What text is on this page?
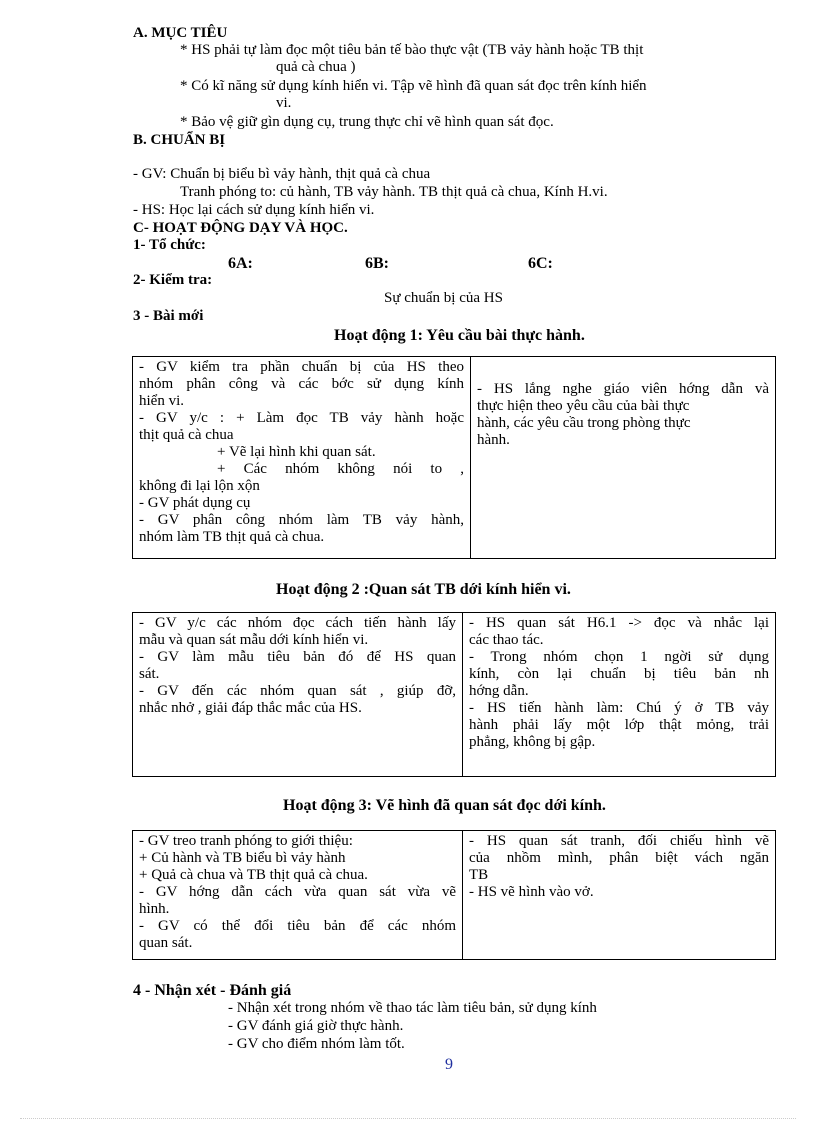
A. MỤC TIÊU
* HS phải tự làm đọc một tiêu bản tế bào thực vật (TB vảy hành hoặc TB thịt
quả cà chua )
* Có kĩ năng sử dụng kính hiển vi. Tập vẽ hình đã quan sát đọc trên kính hiển
vi.
* Bảo vệ giữ gìn dụng cụ, trung thực chỉ vẽ hình quan sát đọc.
B. CHUẨN BỊ
- GV: Chuẩn bị biểu bì vảy hành, thịt quả cà chua
Tranh phóng to: củ hành, TB vảy hành. TB thịt quả cà chua, Kính H.vi.
- HS: Học lại cách sử dụng kính hiển vi.
C- HOẠT ĐỘNG DẠY VÀ HỌC.
1- Tổ chức:
6A:	6B:	6C:
2- Kiểm tra:
Sự chuẩn bị của HS
3 - Bài mới
Hoạt động 1: Yêu cầu bài thực hành.
- GV kiểm tra phần chuẩn bị của HS theo
nhóm phân công và các bớc sử dụng kính
hiển vi.
- GV y/c : + Làm đọc TB vảy hành hoặc
thịt quả cà chua
+ Vẽ lại hình khi quan sát.
+ Các nhóm không nói to ,
không đi lại lộn xộn
- GV phát dụng cụ
- GV phân công nhóm làm TB vảy hành,
nhóm làm TB thịt quả cà chua.
- HS lắng nghe giáo viên hớng dẫn và
thực hiện theo yêu cầu của bài thực
hành, các yêu cầu trong phòng thực
hành.
Hoạt động 2 :Quan sát TB dới kính hiển vi.
- GV y/c các nhóm đọc cách tiến hành lấy
mẫu và quan sát mẫu dới kính hiển vi.
- GV làm mẫu tiêu bản đó để HS quan
sát.
- GV đến các nhóm quan sát , giúp đỡ,
nhắc nhở , giải đáp thắc mắc của HS.
- HS quan sát H6.1 -> đọc và nhắc lại
các thao tác.
- Trong nhóm chọn 1 ngời sử dụng
kính, còn lại chuẩn bị tiêu bản nh
hớng dẫn.
- HS tiến hành làm: Chú ý ở TB vảy
hành phải lấy một lớp thật mỏng, trải
phẳng, không bị gập.
Hoạt động 3: Vẽ hình đã quan sát đọc dới kính.
- GV treo tranh phóng to giới thiệu:
+ Củ hành và TB biểu bì vảy hành
+ Quả cà chua và TB thịt quả cà chua.
- GV hớng dẫn cách vừa quan sát vừa vẽ
hình.
- GV có thể đổi tiêu bản để các nhóm
quan sát.
- HS quan sát tranh, đối chiếu hình vẽ
của nhồm mình, phân biệt vách ngăn
TB
- HS vẽ hình vào vở.
4 - Nhận xét - Đánh giá
- Nhận xét trong nhóm về thao tác làm tiêu bản, sử dụng kính
- GV đánh giá giờ thực hành.
- GV cho điểm nhóm làm tốt.
9
